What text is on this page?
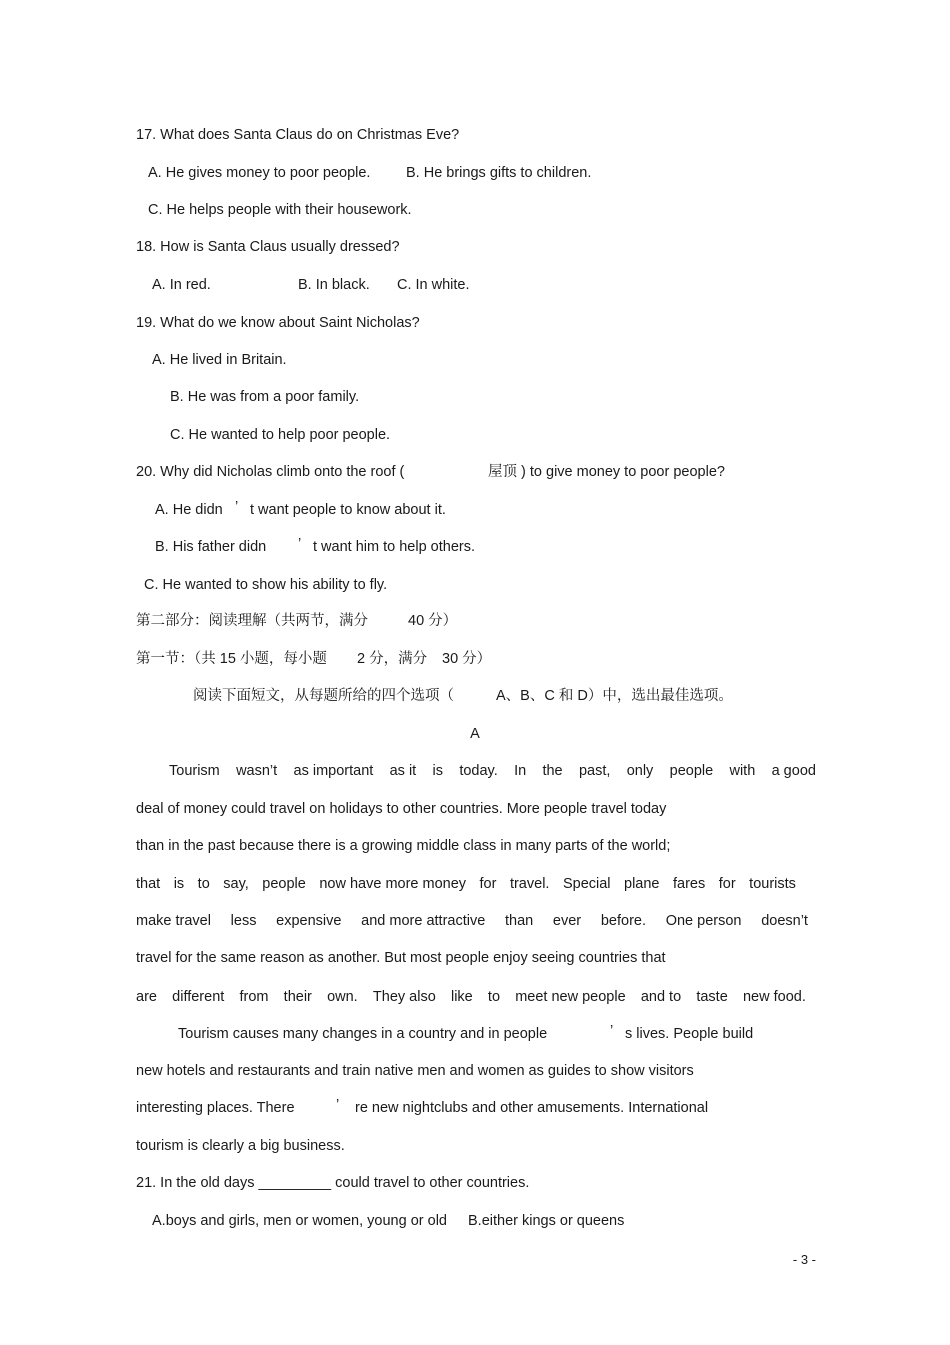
17. What does Santa Claus do on Christmas Eve?
A. He gives money to poor people. B. He brings gifts to children.
C. He helps people with their housework.
18. How is Santa Claus usually dressed?
A. In red.	B. In black. C. In white.
19. What do we know about Saint Nicholas?
A. He lived in Britain.
B. He was from a poor family.
C. He wanted to help poor people.
20. Why did Nicholas climb onto the roof (	屋顶 ) to give money to poor people?
A. He didn ’ t want people to know about it.
B. His father didn ’ t want him to help others.
C. He wanted to show his ability to fly.
第二部分：阅读理解（共两节，满分	40 分）
第一节：（共 15 小题，每小题 2 分，满分 30 分）
阅读下面短文，从每题所给的四个选项（	A、B、C 和 D）中，选出最佳选项。
A
Tourism wasn’t as important as it is today. In the past, only people with a good
deal of money could travel on holidays to other countries. More people travel today
than in the past because there is a growing middle class in many parts of the world;
that is to say, people now have more money for travel. Special plane fares for tourists
make travel less expensive and more attractive than ever before. One person doesn’t
travel for the same reason as another. But most people enjoy seeing countries that
are different from their own. They also like to meet new people and to taste new food.
Tourism causes many changes in a country and in people	’ s lives. People build
new hotels and restaurants and train native men and women as guides to show visitors
interesting places. There	’ re new nightclubs and other amusements. International
tourism is clearly a big business.
21. In the old days _________ could travel to other countries.
A.boys and girls, men or women, young or old B.either kings or queens
- 3 -
